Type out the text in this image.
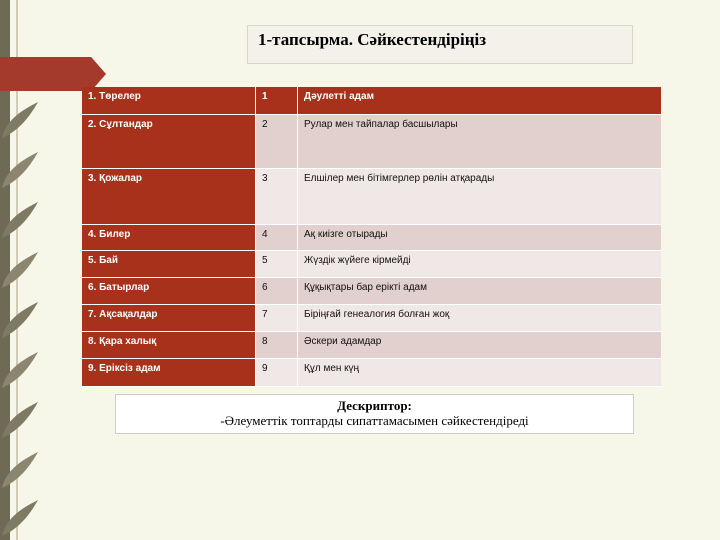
1-тапсырма. Сәйкестендіріңіз
1. Төрелер	1	Дәулетті адам
2. Сұлтандар	2	Рулар мен тайпалар басшылары
3. Қожалар	3	Елшілер мен бітімгерлер рөлін атқарады
4. Билер	4	Ақ киізге отырады
5. Бай	5	Жүздік жүйеге кірмейді
6. Батырлар	6	Құқықтары бар ерікті адам
7. Ақсақалдар	7	Біріңғай генеалогия болған жоқ
8. Қара халық	8	Әскери адамдар
9. Еріксіз адам	9	Құл мен күң
Дескриптор:
-Әлеуметтік топтарды сипаттамасымен сәйкестендіреді
